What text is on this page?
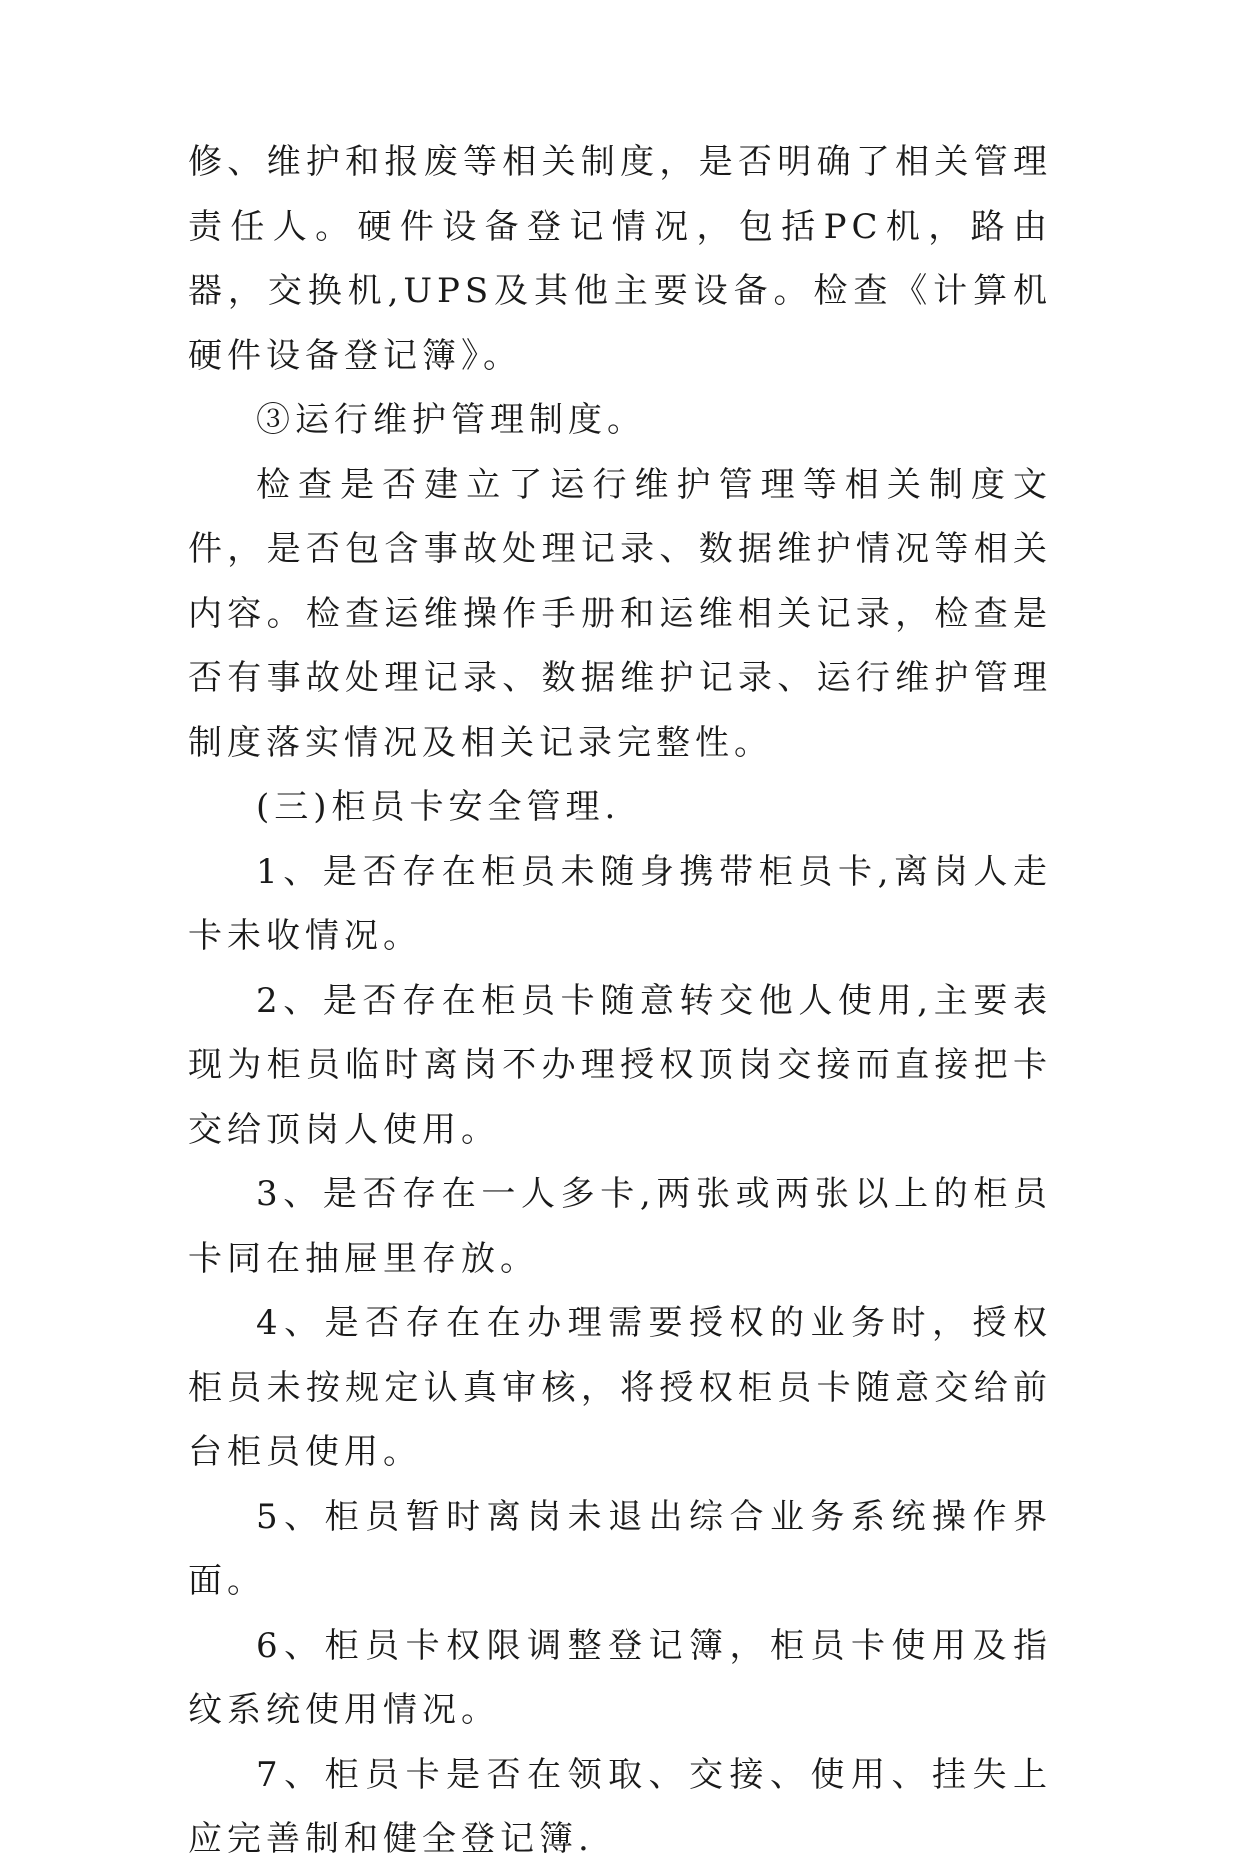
修、维护和报废等相关制度，是否明确了相关管理责任人。硬件设备登记情况，包括PC机，路由器，交换机,UPS及其他主要设备。检查《计算机硬件设备登记簿》。

③运行维护管理制度。

检查是否建立了运行维护管理等相关制度文件，是否包含事故处理记录、数据维护情况等相关内容。检查运维操作手册和运维相关记录，检查是否有事故处理记录、数据维护记录、运行维护管理制度落实情况及相关记录完整性。

(三)柜员卡安全管理.

1、是否存在柜员未随身携带柜员卡,离岗人走卡未收情况。

2、是否存在柜员卡随意转交他人使用,主要表现为柜员临时离岗不办理授权顶岗交接而直接把卡交给顶岗人使用。

3、是否存在一人多卡,两张或两张以上的柜员卡同在抽屉里存放。

4、是否存在在办理需要授权的业务时，授权柜员未按规定认真审核，将授权柜员卡随意交给前台柜员使用。

5、柜员暂时离岗未退出综合业务系统操作界面。

6、柜员卡权限调整登记簿，柜员卡使用及指纹系统使用情况。

7、柜员卡是否在领取、交接、使用、挂失上应完善制和健全登记簿.
